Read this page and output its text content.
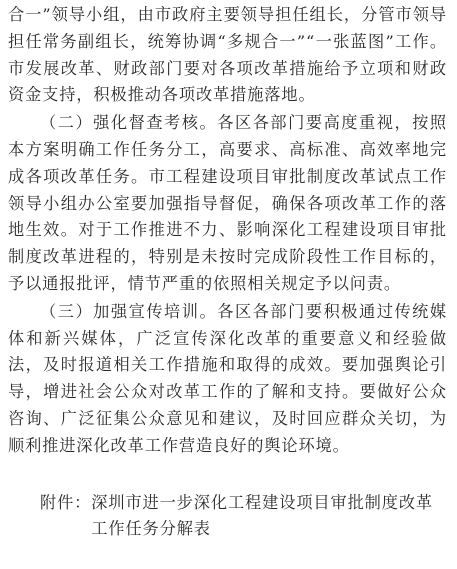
合一”领导小组，由市政府主要领导担任组长，分管市领导担任常务副组长，统筹协调“多规合一”“一张蓝图”工作。市发展改革、财政部门要对各项改革措施给予立项和财政资金支持，积极推动各项改革措施落地。

（二）强化督查考核。各区各部门要高度重视，按照本方案明确工作任务分工，高要求、高标准、高效率地完成各项改革任务。市工程建设项目审批制度改革试点工作领导小组办公室要加强指导督促，确保各项改革工作的落地生效。对于工作推进不力、影响深化工程建设项目审批制度改革进程的，特别是未按时完成阶段性工作目标的，予以通报批评，情节严重的依照相关规定予以问责。

（三）加强宣传培训。各区各部门要积极通过传统媒体和新兴媒体，广泛宣传深化改革的重要意义和经验做法，及时报道相关工作措施和取得的成效。要加强舆论引导，增进社会公众对改革工作的了解和支持。要做好公众咨询、广泛征集公众意见和建议，及时回应群众关切，为顺利推进深化改革工作营造良好的舆论环境。

附件： 深圳市进一步深化工程建设项目审批制度改革工作任务分解表
